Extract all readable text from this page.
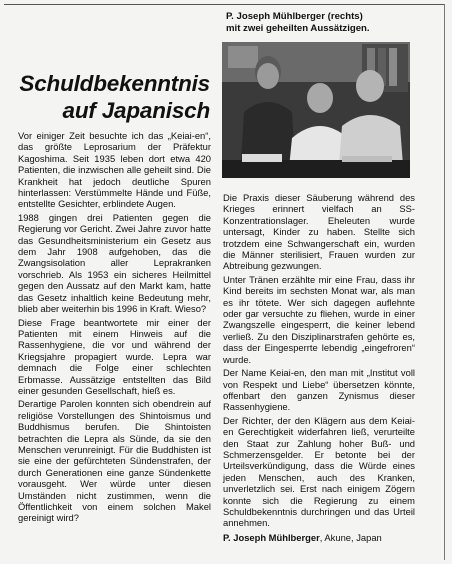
P. Joseph Mühlberger (rechts)
mit zwei geheilten Aussätzigen.
Schuldbekenntnis
auf Japanisch

Vor einiger Zeit besuchte ich das „Keiai-en“, das größte Leprosarium der Präfektur Kagoshima. Seit 1935 leben dort etwa 420 Patienten, die inzwischen alle geheilt sind. Die Krankheit hat jedoch deutliche Spuren hinterlassen: Verstümmelte Hände und Füße, entstellte Gesichter, erblindete Augen.

1988 gingen drei Patienten gegen die Regierung vor Gericht. Zwei Jahre zuvor hatte das Gesundheitsministerium ein Gesetz aus dem Jahr 1908 aufgehoben, das die Zwangsisolation aller Leprakranken vorschrieb. Als 1953 ein sicheres Heilmittel gegen den Aussatz auf den Markt kam, hatte das Gesetz inhaltlich keine Bedeutung mehr, blieb aber weiterhin bis 1996 in Kraft. Wieso?

Diese Frage beantwortete mir einer der Patienten mit einem Hinweis auf die Rassenhygiene, die vor und während der Kriegsjahre propagiert wurde. Lepra war demnach die Folge einer schlechten Erbmasse. Aussätzige entstellten das Bild einer gesunden Gesellschaft, hieß es.

Derartige Parolen konnten sich obendrein auf religiöse Vorstellungen des Shintoismus und Buddhismus berufen. Die Shintoisten betrachten die Lepra als Sünde, da sie den Menschen verunreinigt. Für die Buddhisten ist sie eine der gefürchteten Sündenstrafen, der durch Generationen eine ganze Sündenkette vorausgeht. Wer würde unter diesen Umständen nicht zustimmen, wenn die Öffentlichkeit von einem solchen Makel gereinigt wird?

Die Praxis dieser Säuberung während des Krieges erinnert vielfach an SS-Konzentrationslager. Eheleuten wurde untersagt, Kinder zu haben. Stellte sich trotzdem eine Schwangerschaft ein, wurden die Männer sterilisiert, Frauen wurden zur Abtreibung gezwungen.

Unter Tränen erzählte mir eine Frau, dass ihr Kind bereits im sechsten Monat war, als man es ihr tötete. Wer sich dagegen auflehnte oder gar versuchte zu fliehen, wurde in einer Zwangszelle eingesperrt, die keiner lebend verließ. Zu den Disziplinarstrafen gehörte es, dass der Eingesperrte lebendig „eingefroren“ wurde.

Der Name Keiai-en, den man mit „Institut voll von Respekt und Liebe“ übersetzen könnte, offenbart den ganzen Zynismus dieser Rassenhygiene.

Der Richter, der den Klägern aus dem Keiai-en Gerechtigkeit widerfahren ließ, verurteilte den Staat zur Zahlung hoher Buß- und Schmerzensgelder. Er betonte bei der Urteilsverkündigung, dass die Würde eines jeden Menschen, auch des Kranken, unverletzlich sei. Erst nach einigem Zögern konnte sich die Regierung zu einem Schuldbekenntnis durchringen und das Urteil annehmen.

P. Joseph Mühlberger, Akune, Japan
